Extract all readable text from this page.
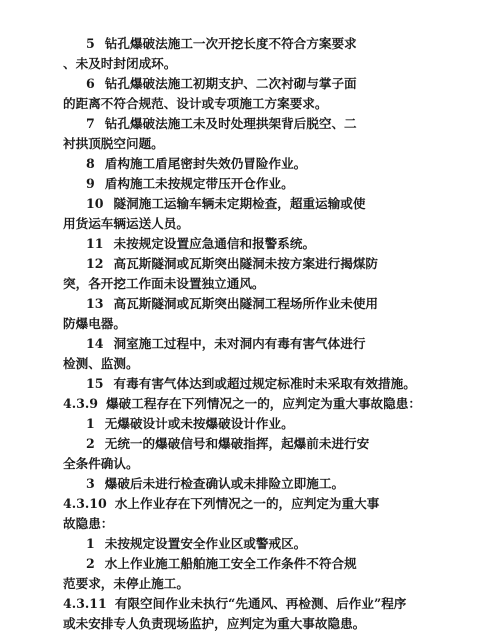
5 钻孔爆破法施工一次开挖长度不符合方案要求
、未及时封闭成环。
6 钻孔爆破法施工初期支护、二次衬砌与掌子面
的距离不符合规范、设计或专项施工方案要求。
7 钻孔爆破法施工未及时处理拱架背后脱空、二
衬拱顶脱空问题。
8 盾构施工盾尾密封失效仍冒险作业。
9 盾构施工未按规定带压开仓作业。
10 隧洞施工运输车辆未定期检查，超重运输或使
用货运车辆运送人员。
11 未按规定设置应急通信和报警系统。
12 高瓦斯隧洞或瓦斯突出隧洞未按方案进行揭煤防
突，各开挖工作面未设置独立通风。
13 高瓦斯隧洞或瓦斯突出隧洞工程场所作业未使用
防爆电器。
14 洞室施工过程中，未对洞内有毒有害气体进行
检测、监测。
15 有毒有害气体达到或超过规定标准时未采取有效措施。
4.3.9 爆破工程存在下列情况之一的，应判定为重大事故隐患：
1 无爆破设计或未按爆破设计作业。
2 无统一的爆破信号和爆破指挥，起爆前未进行安
全条件确认。
3 爆破后未进行检查确认或未排险立即施工。
4.3.10 水上作业存在下列情况之一的，应判定为重大事
故隐患：
1 未按规定设置安全作业区或警戒区。
2 水上作业施工船舶施工安全工作条件不符合规
范要求，未停止施工。
4.3.11 有限空间作业未执行“先通风、再检测、后作业”程序
或未安排专人负责现场监护，应判定为重大事故隐患。
